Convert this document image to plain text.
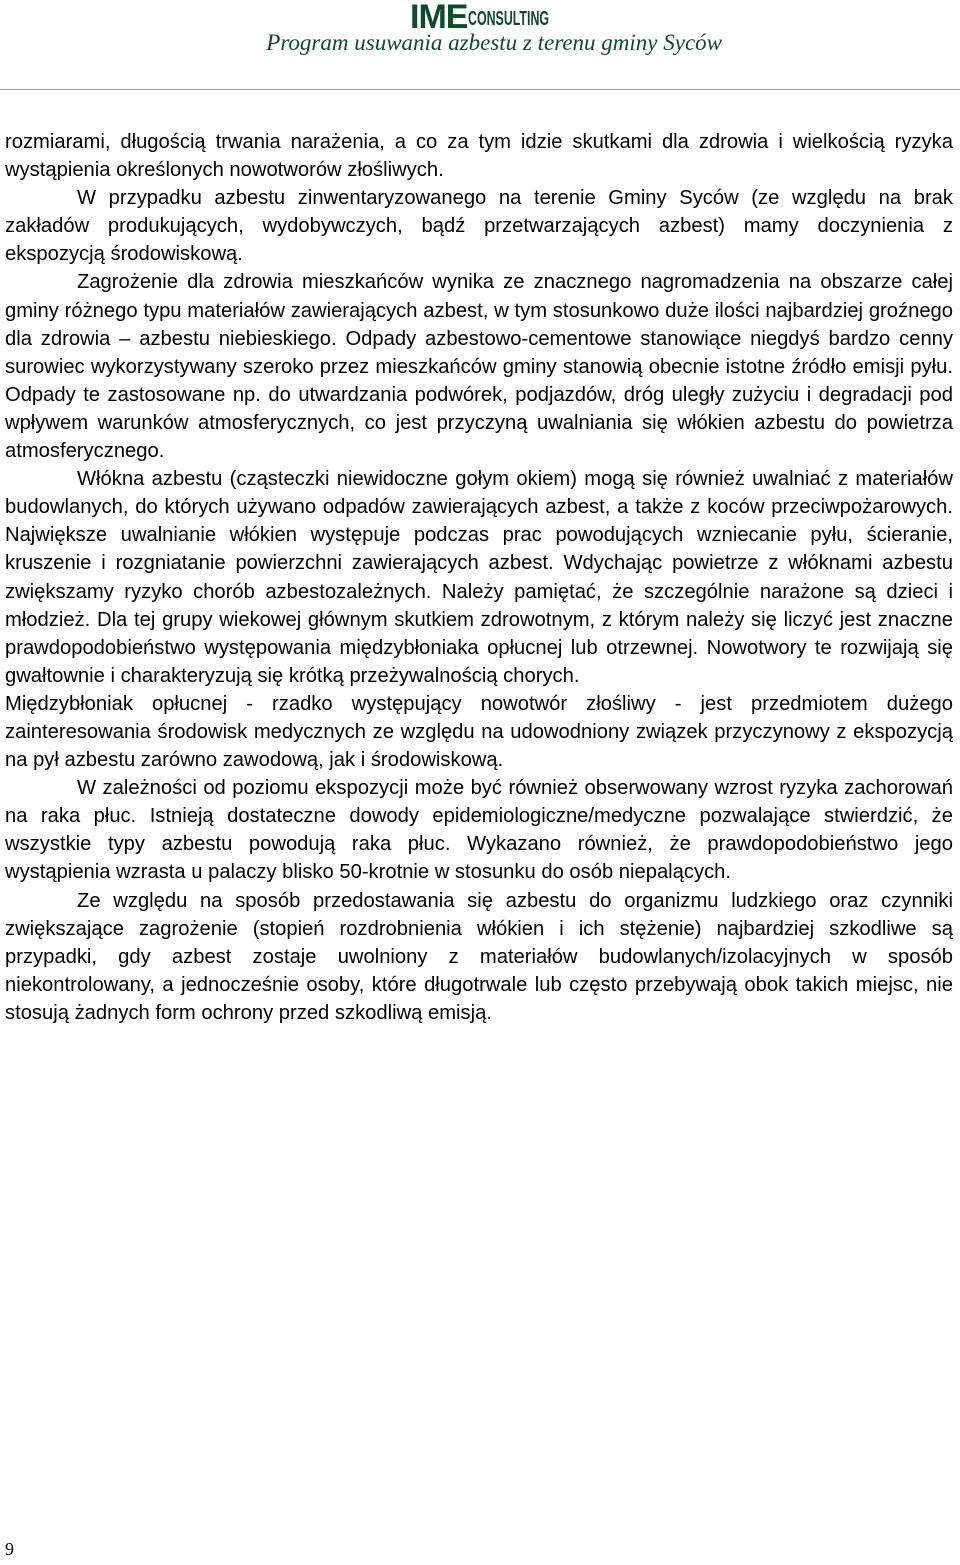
IME CONSULTING
Program usuwania azbestu z terenu gminy Syców

rozmiarami, długością trwania narażenia, a co za tym idzie skutkami dla zdrowia i wielkością ryzyka wystąpienia określonych nowotworów złośliwych.

W przypadku azbestu zinwentaryzowanego na terenie Gminy Syców (ze względu na brak zakładów produkujących, wydobywczych, bądź przetwarzających azbest) mamy doczynienia z ekspozycją środowiskową.

Zagrożenie dla zdrowia mieszkańców wynika ze znacznego nagromadzenia na obszarze całej gminy różnego typu materiałów zawierających azbest, w tym stosunkowo duże ilości najbardziej groźnego dla zdrowia – azbestu niebieskiego. Odpady azbestowo-cementowe stanowiące niegdyś bardzo cenny surowiec wykorzystywany szeroko przez mieszkańców gminy stanowią obecnie istotne źródło emisji pyłu. Odpady te zastosowane np. do utwardzania podwórek, podjazdów, dróg uległy zużyciu i degradacji pod wpływem warunków atmosferycznych, co jest przyczyną uwalniania się włókien azbestu do powietrza atmosferycznego.

Włókna azbestu (cząsteczki niewidoczne gołym okiem) mogą się również uwalniać z materiałów budowlanych, do których używano odpadów zawierających azbest, a także z koców przeciwpożarowych. Największe uwalnianie włókien występuje podczas prac powodujących wzniecanie pyłu, ścieranie, kruszenie i rozgniatanie powierzchni zawierających azbest. Wdychając powietrze z włóknami azbestu zwiększamy ryzyko chorób azbestozależnych. Należy pamiętać, że szczególnie narażone są dzieci i młodzież. Dla tej grupy wiekowej głównym skutkiem zdrowotnym, z którym należy się liczyć jest znaczne prawdopodobieństwo występowania międzybłoniaka opłucnej lub otrzewnej. Nowotwory te rozwijają się gwałtownie i charakteryzują się krótką przeżywalnością chorych.

Międzybłoniak opłucnej - rzadko występujący nowotwór złośliwy - jest przedmiotem dużego zainteresowania środowisk medycznych ze względu na udowodniony związek przyczynowy z ekspozycją na pył azbestu zarówno zawodową, jak i środowiskową.

W zależności od poziomu ekspozycji może być również obserwowany wzrost ryzyka zachorowań na raka płuc. Istnieją dostateczne dowody epidemiologiczne/medyczne pozwalające stwierdzić, że wszystkie typy azbestu powodują raka płuc. Wykazano również, że prawdopodobieństwo jego wystąpienia wzrasta u palaczy blisko 50-krotnie w stosunku do osób niepalących.

Ze względu na sposób przedostawania się azbestu do organizmu ludzkiego oraz czynniki zwiększające zagrożenie (stopień rozdrobnienia włókien i ich stężenie) najbardziej szkodliwe są przypadki, gdy azbest zostaje uwolniony z materiałów budowlanych/izolacyjnych w sposób niekontrolowany, a jednocześnie osoby, które długotrwale lub często przebywają obok takich miejsc, nie stosują żadnych form ochrony przed szkodliwą emisją.

9
